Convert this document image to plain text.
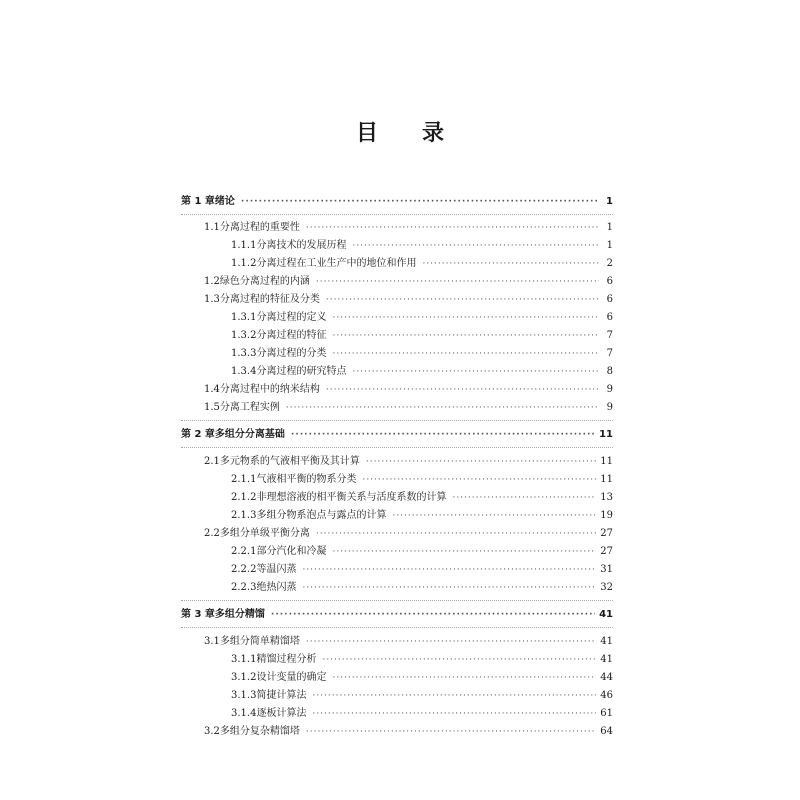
目 录
第 1 章 绪论 ·····	1
1.1 分离过程的重要性 ·····	1
1.1.1 分离技术的发展历程 ·····	1
1.1.2 分离过程在工业生产中的地位和作用 ·····	2
1.2 绿色分离过程的内涵 ·····	6
1.3 分离过程的特征及分类 ·····	6
1.3.1 分离过程的定义 ·····	6
1.3.2 分离过程的特征 ·····	7
1.3.3 分离过程的分类 ·····	7
1.3.4 分离过程的研究特点 ·····	8
1.4 分离过程中的纳米结构 ·····	9
1.5 分离工程实例 ·····	9
第 2 章 多组分分离基础 ·····	11
2.1 多元物系的气液相平衡及其计算 ·····	11
2.1.1 气液相平衡的物系分类 ·····	11
2.1.2 非理想溶液的相平衡关系与活度系数的计算 ·····	13
2.1.3 多组分物系泡点与露点的计算 ·····	19
2.2 多组分单级平衡分离 ·····	27
2.2.1 部分汽化和冷凝 ·····	27
2.2.2 等温闪蒸 ·····	31
2.2.3 绝热闪蒸 ·····	32
第 3 章 多组分精馏 ·····	41
3.1 多组分简单精馏塔 ·····	41
3.1.1 精馏过程分析 ·····	41
3.1.2 设计变量的确定 ·····	44
3.1.3 简捷计算法 ·····	46
3.1.4 逐板计算法 ·····	61
3.2 多组分复杂精馏塔 ·····	64
